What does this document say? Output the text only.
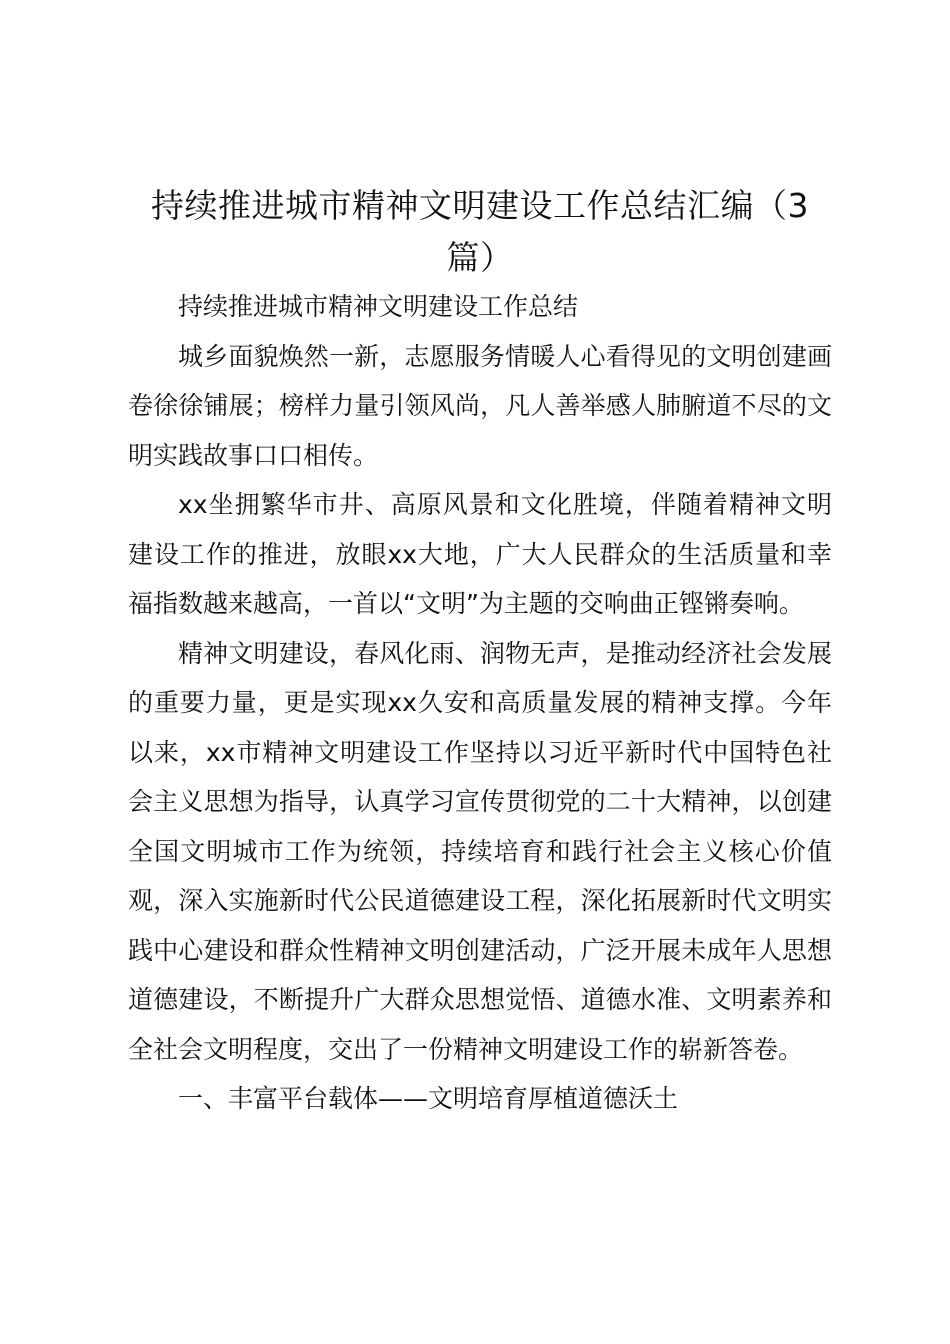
持续推进城市精神文明建设工作总结汇编（3篇）

持续推进城市精神文明建设工作总结

城乡面貌焕然一新，志愿服务情暖人心看得见的文明创建画卷徐徐铺展；榜样力量引领风尚，凡人善举感人肺腑道不尽的文明实践故事口口相传。

xx坐拥繁华市井、高原风景和文化胜境，伴随着精神文明建设工作的推进，放眼xx大地，广大人民群众的生活质量和幸福指数越来越高，一首以“文明”为主题的交响曲正铿锵奏响。

精神文明建设，春风化雨、润物无声，是推动经济社会发展的重要力量，更是实现xx久安和高质量发展的精神支撑。今年以来，xx市精神文明建设工作坚持以习近平新时代中国特色社会主义思想为指导，认真学习宣传贯彻党的二十大精神，以创建全国文明城市工作为统领，持续培育和践行社会主义核心价值观，深入实施新时代公民道德建设工程，深化拓展新时代文明实践中心建设和群众性精神文明创建活动，广泛开展未成年人思想道德建设，不断提升广大群众思想觉悟、道德水准、文明素养和全社会文明程度，交出了一份精神文明建设工作的崭新答卷。

一、丰富平台载体——文明培育厚植道德沃土
